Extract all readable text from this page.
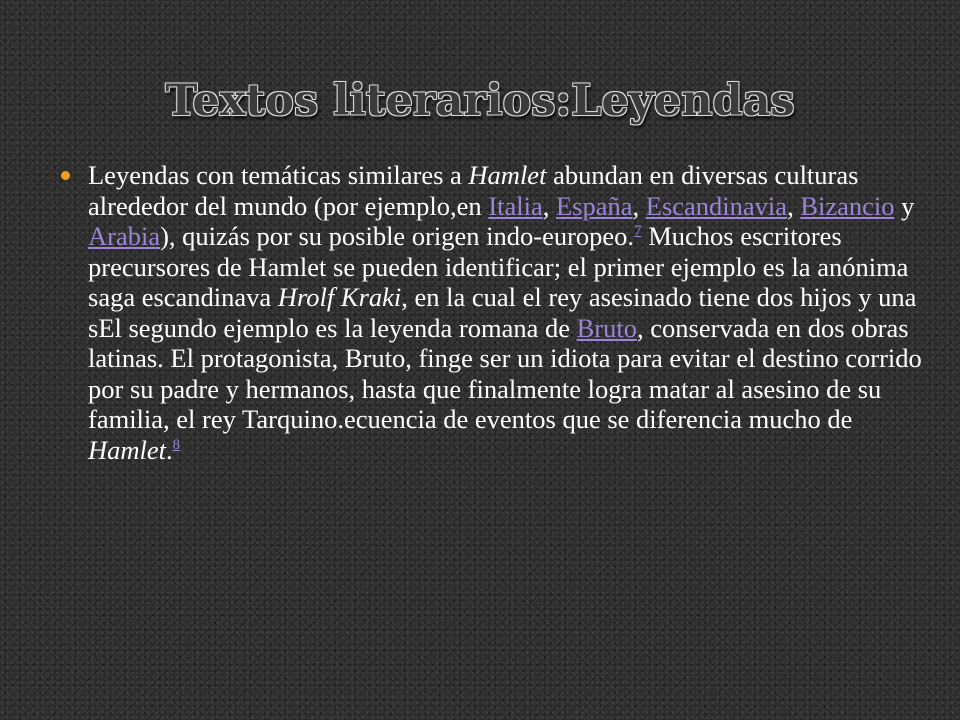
Textos literarios:Leyendas

Leyendas con temáticas similares a Hamlet abundan en diversas culturas alrededor del mundo (por ejemplo,en Italia, España, Escandinavia, Bizancio y Arabia), quizás por su posible origen indo-europeo.$^7$ Muchos escritores precursores de Hamlet se pueden identificar; el primer ejemplo es la anónima saga escandinava Hrolf Kraki, en la cual el rey asesinado tiene dos hijos y una sEl segundo ejemplo es la leyenda romana de Bruto, conservada en dos obras latinas. El protagonista, Bruto, finge ser un idiota para evitar el destino corrido por su padre y hermanos, hasta que finalmente logra matar al asesino de su familia, el rey Tarquino.ecuencia de eventos que se diferencia mucho de Hamlet.$^8$
